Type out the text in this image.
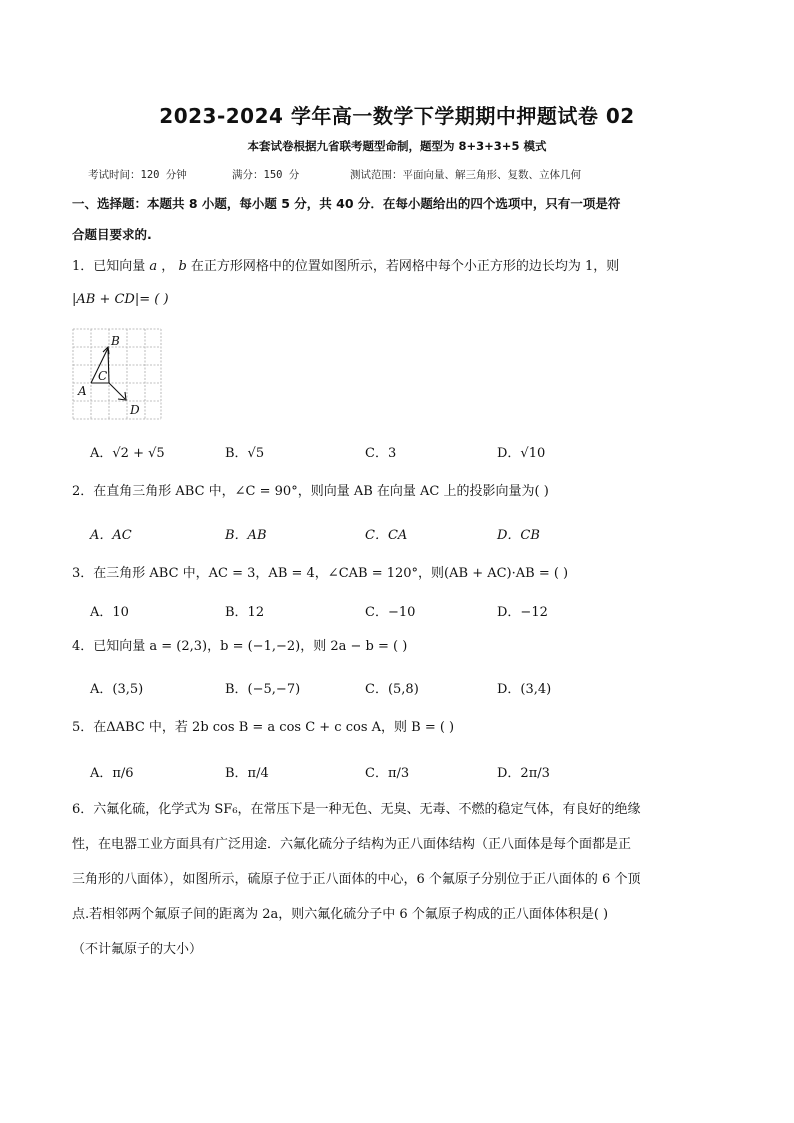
2023-2024 学年高一数学下学期期中押题试卷 02
本套试卷根据九省联考题型命制，题型为 8+3+3+5 模式
考试时间：120 分钟	满分：150 分	测试范围：平面向量、解三角形、复数、立体几何
一、选择题：本题共 8 小题，每小题 5 分，共 40 分．在每小题给出的四个选项中，只有一项是符
合题目要求的.
1．已知向量 a ， b 在正方形网格中的位置如图所示，若网格中每个小正方形的边长均为 1，则
|AB + CD|= ( )
B
C
A
D
A．√2 + √5	B．√5	C．3	D．√10
2．在直角三角形 ABC 中，∠C = 90°，则向量 AB 在向量 AC 上的投影向量为( )
A．AC	B．AB	C．CA	D．CB
3．在三角形 ABC 中，AC = 3，AB = 4，∠CAB = 120°，则(AB + AC)·AB = ( )
A．10	B．12	C．−10	D．−12
4．已知向量 a = (2,3)，b = (−1,−2)，则 2a − b = ( )
A．(3,5)	B．(−5,−7)	C．(5,8)	D．(3,4)
5．在ΔABC 中，若 2b cos B = a cos C + c cos A，则 B = ( )
A．π/6	B．π/4	C．π/3	D．2π/3
6．六氟化硫，化学式为 SF₆，在常压下是一种无色、无臭、无毒、不燃的稳定气体，有良好的绝缘
性，在电器工业方面具有广泛用途．六氟化硫分子结构为正八面体结构（正八面体是每个面都是正
三角形的八面体），如图所示，硫原子位于正八面体的中心，6 个氟原子分别位于正八面体的 6 个顶
点.若相邻两个氟原子间的距离为 2a，则六氟化硫分子中 6 个氟原子构成的正八面体体积是( )
（不计氟原子的大小）
